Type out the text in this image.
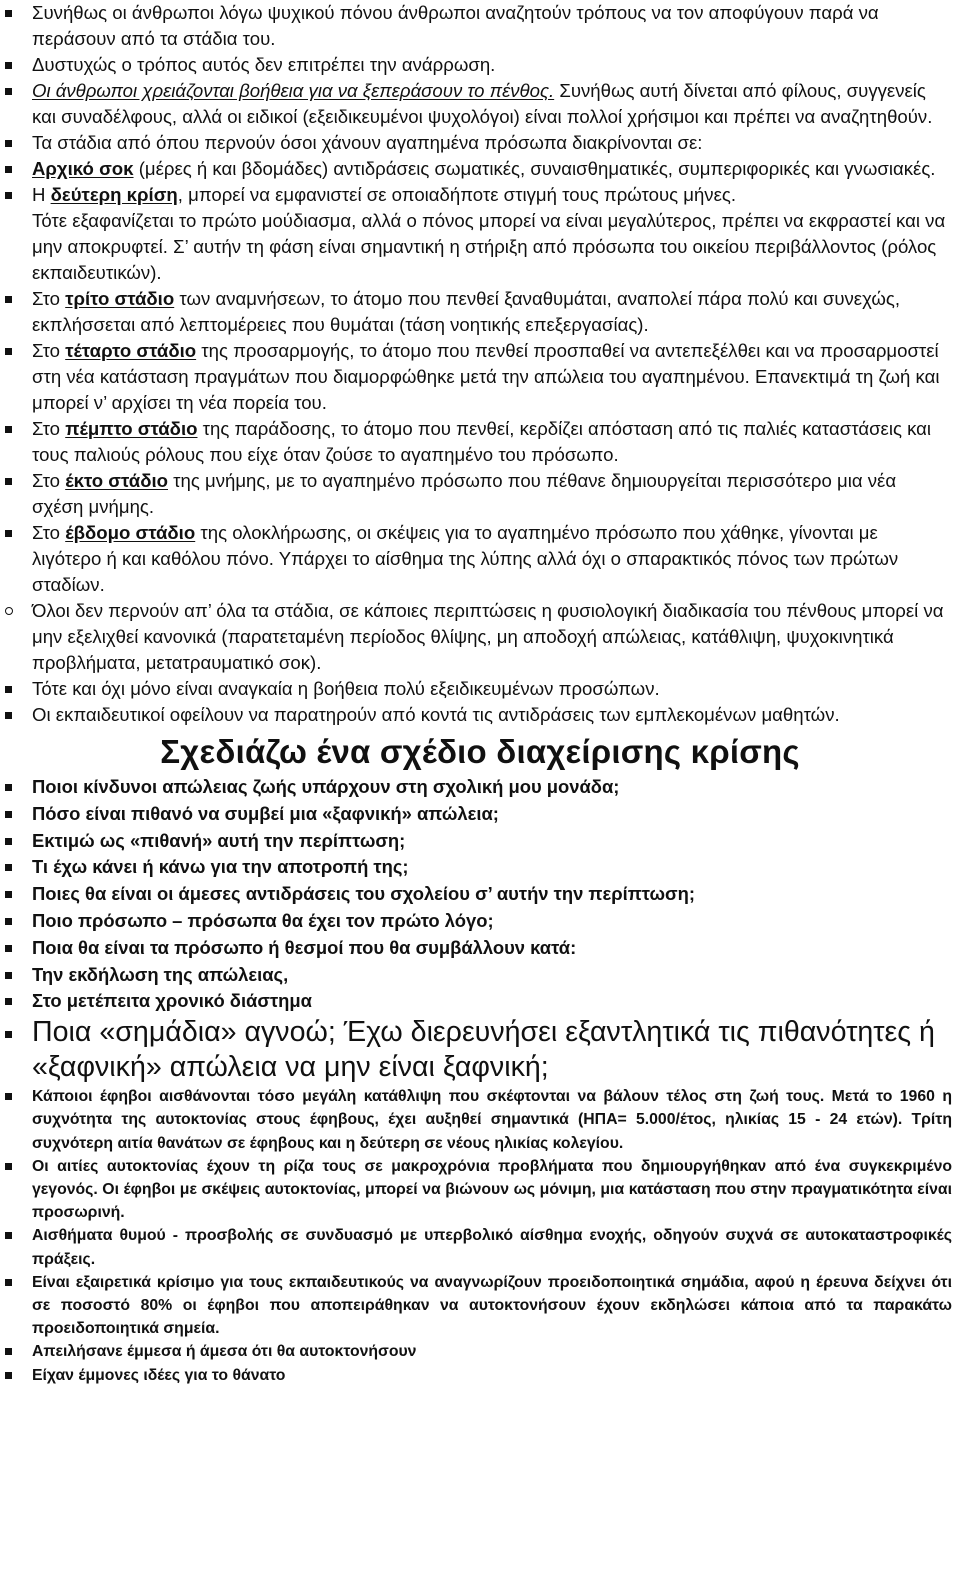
Συνήθως οι άνθρωποι λόγω ψυχικού πόνου άνθρωποι αναζητούν τρόπους να τον αποφύγουν παρά να περάσουν από τα στάδια του.
Δυστυχώς ο τρόπος αυτός δεν επιτρέπει την ανάρρωση.
Οι άνθρωποι χρειάζονται βοήθεια για να ξεπεράσουν το πένθος. Συνήθως αυτή δίνεται από φίλους, συγγενείς και συναδέλφους, αλλά οι ειδικοί (εξειδικευμένοι ψυχολόγοι) είναι πολλοί χρήσιμοι και πρέπει να αναζητηθούν.
Τα στάδια από όπου περνούν όσοι χάνουν αγαπημένα πρόσωπα διακρίνονται σε:
Αρχικό σοκ (μέρες ή και βδομάδες) αντιδράσεις σωματικές, συναισθηματικές, συμπεριφορικές και γνωσιακές.
Η δεύτερη κρίση, μπορεί να εμφανιστεί σε οποιαδήποτε στιγμή τους πρώτους μήνες.
Τότε εξαφανίζεται το πρώτο μούδιασμα, αλλά ο πόνος μπορεί να είναι μεγαλύτερος, πρέπει να εκφραστεί και να μην αποκρυφτεί. Σ’ αυτήν τη φάση είναι σημαντική η στήριξη από πρόσωπα του οικείου περιβάλλοντος (ρόλος εκπαιδευτικών).
Στο τρίτο στάδιο των αναμνήσεων, το άτομο που πενθεί ξαναθυμάται, αναπολεί πάρα πολύ και συνεχώς, εκπλήσσεται από λεπτομέρειες που θυμάται (τάση νοητικής επεξεργασίας).
Στο τέταρτο στάδιο της προσαρμογής, το άτομο που πενθεί προσπαθεί να αντεπεξέλθει και να προσαρμοστεί στη νέα κατάσταση πραγμάτων που διαμορφώθηκε μετά την απώλεια του αγαπημένου. Επανεκτιμά τη ζωή και μπορεί ν’ αρχίσει τη νέα πορεία του.
Στο πέμπτο στάδιο της παράδοσης, το άτομο που πενθεί, κερδίζει απόσταση από τις παλιές καταστάσεις και τους παλιούς ρόλους που είχε όταν ζούσε το αγαπημένο του πρόσωπο.
Στο έκτο στάδιο της μνήμης, με το αγαπημένο πρόσωπο που πέθανε δημιουργείται περισσότερο μια νέα σχέση μνήμης.
Στο έβδομο στάδιο της ολοκλήρωσης, οι σκέψεις για το αγαπημένο πρόσωπο που χάθηκε, γίνονται με λιγότερο ή και καθόλου πόνο. Υπάρχει το αίσθημα της λύπης αλλά όχι ο σπαρακτικός πόνος των πρώτων σταδίων.
Όλοι δεν περνούν απ’ όλα τα στάδια, σε κάποιες περιπτώσεις η φυσιολογική διαδικασία του πένθους μπορεί να μην εξελιχθεί κανονικά (παρατεταμένη περίοδος θλίψης, μη αποδοχή απώλειας, κατάθλιψη, ψυχοκινητικά προβλήματα, μετατραυματικό σοκ).
Τότε και όχι μόνο είναι αναγκαία η βοήθεια πολύ εξειδικευμένων προσώπων.
Οι εκπαιδευτικοί οφείλουν να παρατηρούν από κοντά τις αντιδράσεις των εμπλεκομένων μαθητών.
Σχεδιάζω ένα σχέδιο διαχείρισης κρίσης
Ποιοι κίνδυνοι απώλειας ζωής υπάρχουν στη σχολική μου μονάδα;
Πόσο είναι πιθανό να συμβεί μια «ξαφνική» απώλεια;
Εκτιμώ ως «πιθανή» αυτή την περίπτωση;
Τι έχω κάνει ή κάνω για την αποτροπή της;
Ποιες θα είναι οι άμεσες αντιδράσεις του σχολείου σ’ αυτήν την περίπτωση;
Ποιο πρόσωπο – πρόσωπα θα έχει τον πρώτο λόγο;
Ποια θα είναι τα πρόσωπο ή θεσμοί που θα συμβάλλουν κατά:
Την εκδήλωση της απώλειας,
Στο μετέπειτα χρονικό διάστημα
Ποια «σημάδια» αγνοώ; Έχω διερευνήσει εξαντλητικά τις πιθανότητες ή «ξαφνική» απώλεια να μην είναι ξαφνική;
Κάποιοι έφηβοι αισθάνονται τόσο μεγάλη κατάθλιψη που σκέφτονται να βάλουν τέλος στη ζωή τους. Μετά το 1960 η συχνότητα της αυτοκτονίας στους έφηβους, έχει αυξηθεί σημαντικά (ΗΠΑ= 5.000/έτος, ηλικίας 15 - 24 ετών). Τρίτη συχνότερη αιτία θανάτων σε έφηβους και η δεύτερη σε νέους ηλικίας κολεγίου.
Οι αιτίες αυτοκτονίας έχουν τη ρίζα τους σε μακροχρόνια προβλήματα που δημιουργήθηκαν από ένα συγκεκριμένο γεγονός. Οι έφηβοι με σκέψεις αυτοκτονίας, μπορεί να βιώνουν ως μόνιμη, μια κατάσταση που στην πραγματικότητα είναι προσωρινή.
Αισθήματα θυμού - προσβολής σε συνδυασμό με υπερβολικό αίσθημα ενοχής, οδηγούν συχνά σε αυτοκαταστροφικές πράξεις.
Είναι εξαιρετικά κρίσιμο για τους εκπαιδευτικούς να αναγνωρίζουν προειδοποιητικά σημάδια, αφού η έρευνα δείχνει ότι σε ποσοστό 80% οι έφηβοι που αποπειράθηκαν να αυτοκτονήσουν έχουν εκδηλώσει κάποια από τα παρακάτω προειδοποιητικά σημεία.
Απειλήσανε έμμεσα ή άμεσα ότι θα αυτοκτονήσουν
Είχαν έμμονες ιδέες για το θάνατο
